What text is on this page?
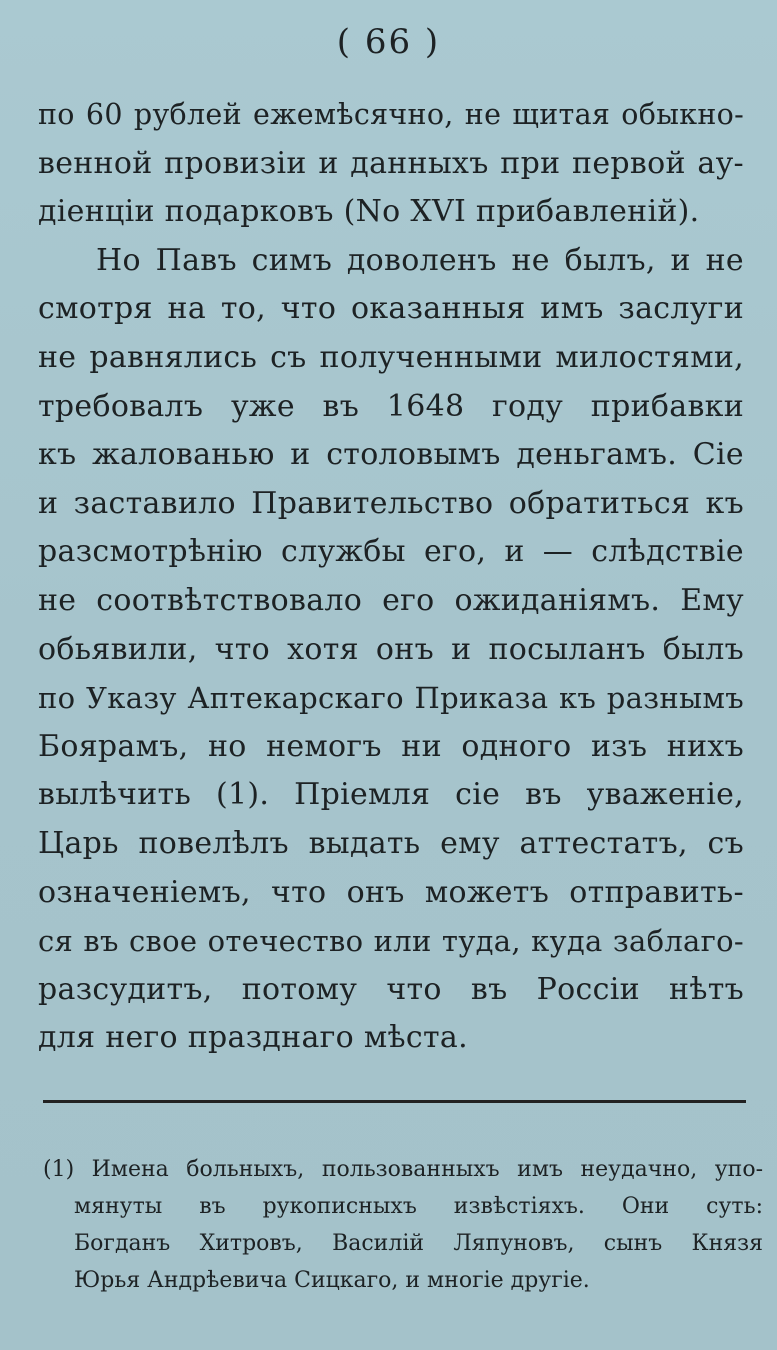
( 66 )
по 60 рублей ежемѣсячно, не щитая обыкно-
венной провизіи и данныхъ при первой ау-
діенціи подарковъ (No XVI прибавленій).
Но Павъ симъ доволенъ не былъ, и не
смотря на то, что оказанныя имъ заслуги
не равнялись съ полученными милостями,
требовалъ уже въ 1648 году прибавки
къ жалованью и столовымъ деньгамъ. Сіе
и заставило Правительство обратиться къ
разсмотрѣнію службы его, и — слѣдствіе
не соотвѣтствовало его ожиданіямъ. Ему
обьявили, что хотя онъ и посыланъ былъ
по Указу Аптекарскаго Приказа къ разнымъ
Боярамъ, но немогъ ни одного изъ нихъ
вылѣчить (1). Пріемля сіе въ уваженіе,
Царь повелѣлъ выдать ему аттестатъ, съ
означеніемъ, что онъ можетъ отправить-
ся въ свое отечество или туда, куда заблаго-
разсудитъ, потому что въ Россіи нѣтъ
для него празднаго мѣста.
(1) Имена больныхъ, пользованныхъ имъ неудачно, упо-
мянуты въ рукописныхъ извѣстіяхъ. Они суть:
Богданъ Хитровъ, Василій Ляпуновъ, сынъ Князя
Юрья Андрѣевича Сицкаго, и многіе другіе.
